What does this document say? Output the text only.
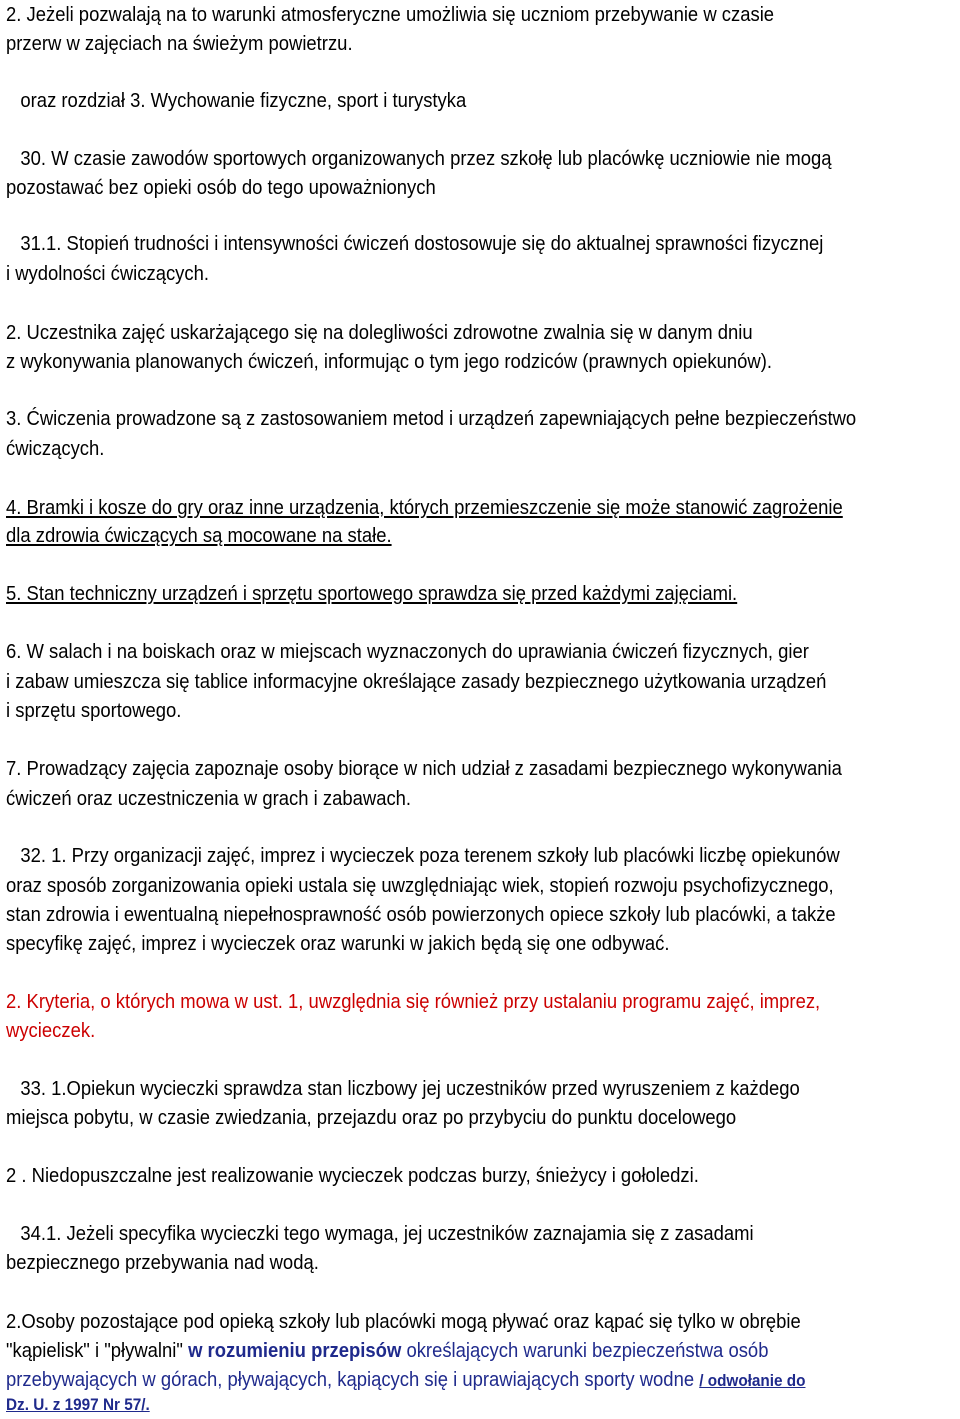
2. Jeżeli pozwalają na to warunki atmosferyczne umożliwia się uczniom przebywanie w czasie
przerw w zajęciach na świeżym powietrzu.
oraz rozdział 3. Wychowanie fizyczne, sport i turystyka
30. W czasie zawodów sportowych organizowanych przez szkołę lub placówkę uczniowie nie mogą
pozostawać bez opieki osób do tego upoważnionych
31.1. Stopień trudności i intensywności ćwiczeń dostosowuje się do aktualnej sprawności fizycznej
i wydolności ćwiczących.
2. Uczestnika zajęć uskarżającego się na dolegliwości zdrowotne zwalnia się w danym dniu
z wykonywania planowanych ćwiczeń, informując o tym jego rodziców (prawnych opiekunów).
3. Ćwiczenia prowadzone są z zastosowaniem metod i urządzeń zapewniających pełne bezpieczeństwo
ćwiczących.
4. Bramki i kosze do gry oraz inne urządzenia, których przemieszczenie się może stanowić zagrożenie
dla zdrowia ćwiczących są mocowane na stałe.
5. Stan techniczny urządzeń i sprzętu sportowego sprawdza się przed każdymi zajęciami.
6. W salach i na boiskach oraz w miejscach wyznaczonych do uprawiania ćwiczeń fizycznych, gier
i zabaw umieszcza się tablice informacyjne określające zasady bezpiecznego użytkowania urządzeń
i sprzętu sportowego.
7. Prowadzący zajęcia zapoznaje osoby biorące w nich udział z zasadami bezpiecznego wykonywania
ćwiczeń oraz uczestniczenia w grach i zabawach.
32. 1. Przy organizacji zajęć, imprez i wycieczek poza terenem szkoły lub placówki liczbę opiekunów
oraz sposób zorganizowania opieki ustala się uwzględniając wiek, stopień rozwoju psychofizycznego,
stan zdrowia i ewentualną niepełnosprawność osób powierzonych opiece szkoły lub placówki, a także
specyfikę zajęć, imprez i wycieczek oraz warunki w jakich będą się one odbywać.
2. Kryteria, o których mowa w ust. 1, uwzględnia się również przy ustalaniu programu zajęć, imprez,
wycieczek.
33. 1.Opiekun wycieczki sprawdza stan liczbowy jej uczestników przed wyruszeniem z każdego
miejsca pobytu, w czasie zwiedzania, przejazdu oraz po przybyciu do punktu docelowego
2 . Niedopuszczalne jest realizowanie wycieczek podczas burzy, śnieżycy i gołoledzi.
34.1. Jeżeli specyfika wycieczki tego wymaga, jej uczestników zaznajamia się z zasadami
bezpiecznego przebywania nad wodą.
2.Osoby pozostające pod opieką szkoły lub placówki mogą pływać oraz kąpać się tylko w obrębie
"kąpielisk" i "pływalni" w rozumieniu przepisów określających warunki bezpieczeństwa osób
przebywających w górach, pływających, kąpiących się i uprawiających sporty wodne / odwołanie do
Dz. U. z 1997 Nr 57/.
